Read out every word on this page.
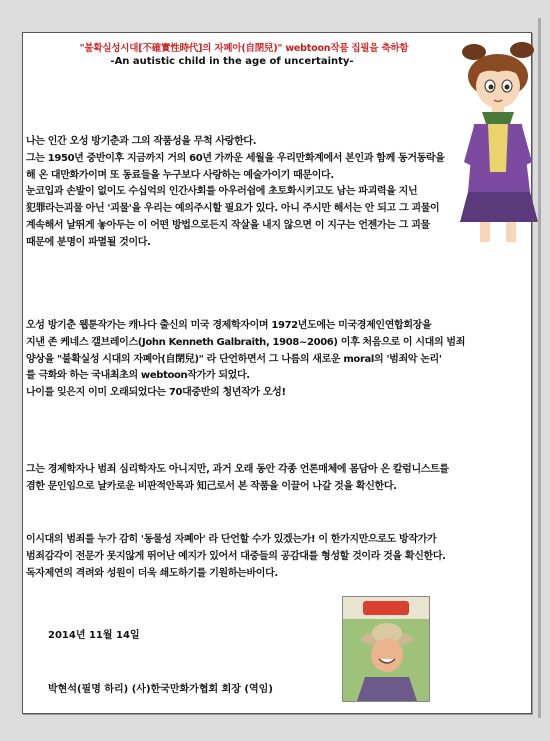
"불확실성시대[不確實性時代]의 자폐아(自閉兒)" webtoon작품 집필을 축하함
-An autistic child in the age of uncertainty-

나는 인간 오성 방기춘과 그의 작품성을 무척 사랑한다.

그는 1950년 중반이후 지금까지 거의 60년 가까운 세월을 우리만화계에서 본인과 함께 동거동락을

해 온 대만화가이며 또 동료들을 누구보다 사랑하는 예술가이기 때문이다.

눈코입과 손발이 없이도 수십억의 인간사회를 아우러쉼에 초토화시키고도 남는 파괴력을 지닌

犯罪라는괴물 아닌 '괴물'을 우리는 예의주시할 필요가 있다. 아니 주시만 해서는 안 되고 그 괴물이

계속해서 날뛰게 놓아두는 이 어떤 방법으로든지 작살을 내지 않으면 이 지구는 언젠가는 그 괴물

때문에 분명이 파멸될 것이다.

오성 방기춘 웹툰작가는 캐나다 출신의 미국 경제학자이며 1972년도에는 미국경제인연합회장을

지낸 존 케네스 갤브레이스(John Kenneth Galbraith, 1908~2006) 이후 처음으로 이 시대의 범죄

양상을 "불확실성 시대의 자폐아(自閉兒)" 라 단언하면서 그 나름의 새로운 moral의 '범죄악 논리'

를 극화와 하는 국내최초의 webtoon작가가 되었다.

나이를 잊은지 이미 오래되었다는 70대중반의 청년작가 오성!

그는 경제학자나 범죄 심리학자도 아니지만, 과거 오래 동안 각종 언론매체에 몸담아 온 칼럼니스트를

겸한 문인임으로 날카로운 비판적안목과 知己로서 본 작품을 이끌어 나갈 것을 확신한다.

이시대의 범죄를 누가 감히 '동물성 자폐아' 라 단언할 수가 있겠는가! 이 한가지만으로도 방작가가

범죄감각이 전문가 못지않게 뛰어난 예지가 있어서 대중들의 공감대를 형성할 것이라 것을 확신한다.

독자제연의 격려와 성원이 더욱 쇄도하기를 기원하는바이다.

2014년 11월 14일
박현석(필명 하리) (사)한국만화가협회 회장 (역임)
